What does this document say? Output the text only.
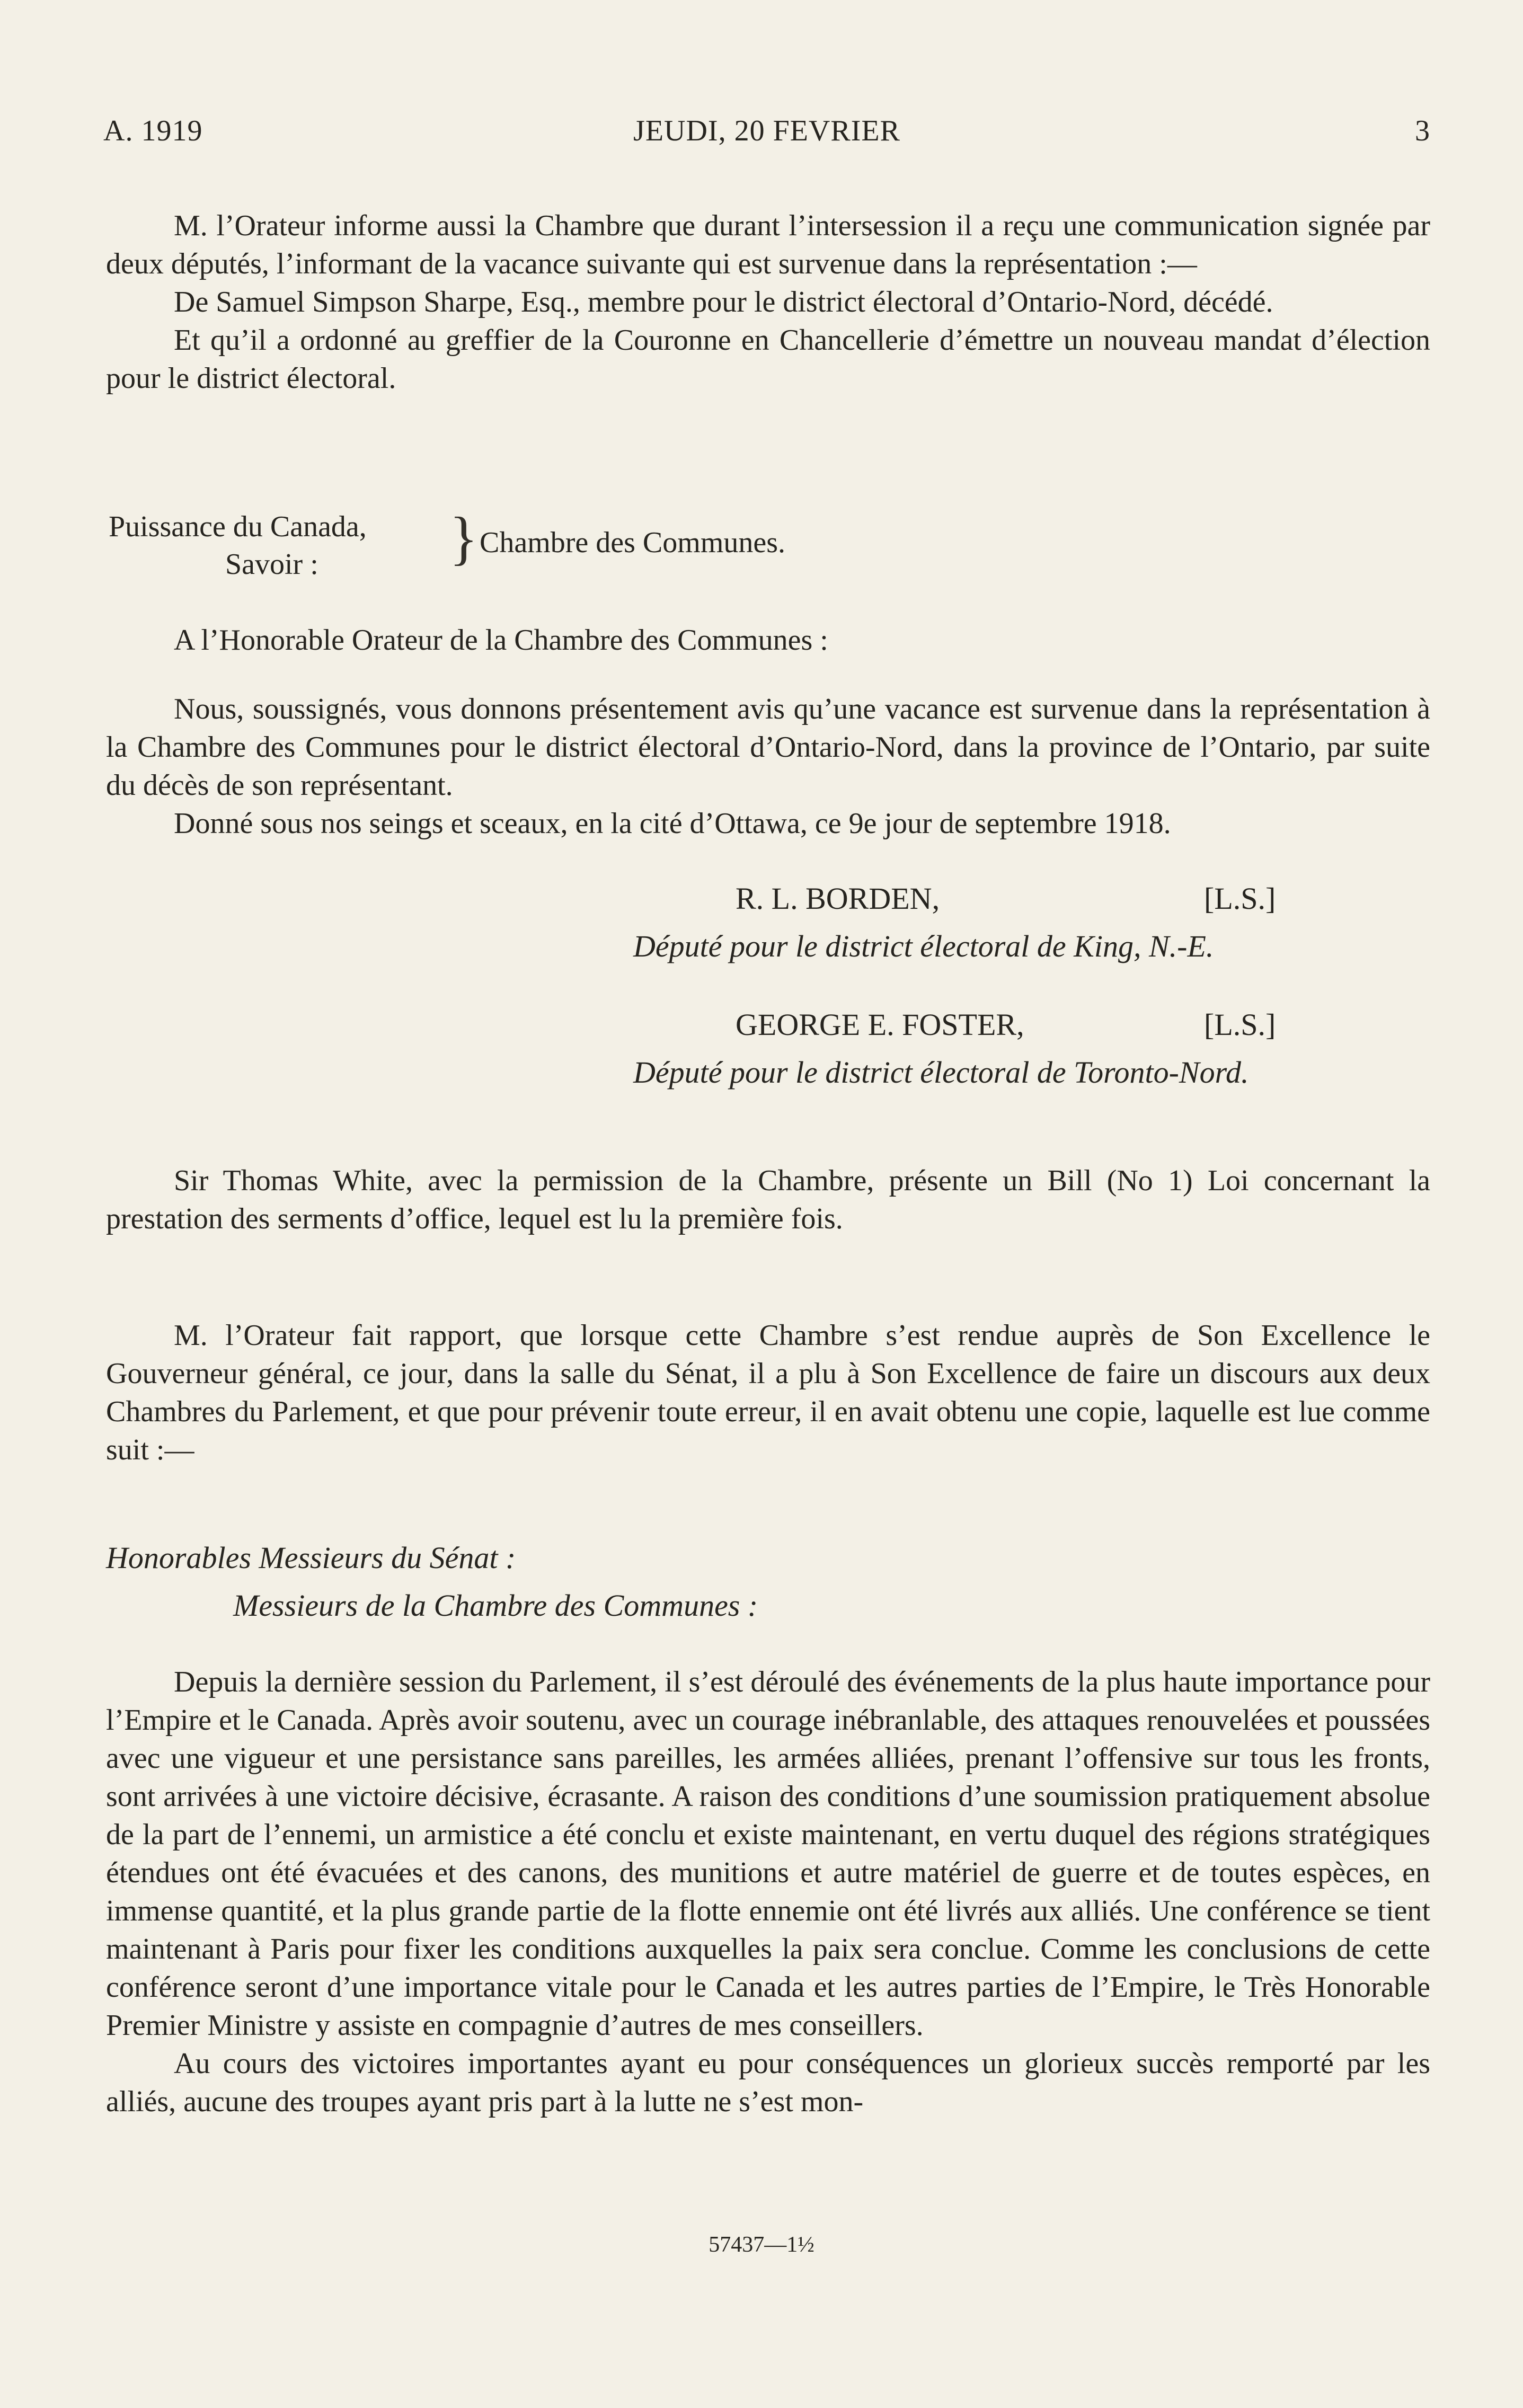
A. 1919	JEUDI, 20 FEVRIER	3

M. l’Orateur informe aussi la Chambre que durant l’intersession il a reçu une communication signée par deux députés, l’informant de la vacance suivante qui est survenue dans la représentation :—

De Samuel Simpson Sharpe, Esq., membre pour le district électoral d’Ontario-Nord, décédé.

Et qu’il a ordonné au greffier de la Couronne en Chancellerie d’émettre un nouveau mandat d’élection pour le district électoral.

Puissance du Canada,
Savoir : } Chambre des Communes.
A l’Honorable Orateur de la Chambre des Communes :

Nous, soussignés, vous donnons présentement avis qu’une vacance est survenue dans la représentation à la Chambre des Communes pour le district électoral d’Ontario-Nord, dans la province de l’Ontario, par suite du décès de son représentant.

Donné sous nos seings et sceaux, en la cité d’Ottawa, ce 9e jour de septembre 1918.

R. L. BORDEN,	[L.S.]
Député pour le district électoral de King, N.-E.
GEORGE E. FOSTER,	[L.S.]
Député pour le district électoral de Toronto-Nord.

Sir Thomas White, avec la permission de la Chambre, présente un Bill (No 1) Loi concernant la prestation des serments d’office, lequel est lu la première fois.

M. l’Orateur fait rapport, que lorsque cette Chambre s’est rendue auprès de Son Excellence le Gouverneur général, ce jour, dans la salle du Sénat, il a plu à Son Excellence de faire un discours aux deux Chambres du Parlement, et que pour prévenir toute erreur, il en avait obtenu une copie, laquelle est lue comme suit :—

Honorables Messieurs du Sénat :
Messieurs de la Chambre des Communes :

Depuis la dernière session du Parlement, il s’est déroulé des événements de la plus haute importance pour l’Empire et le Canada. Après avoir soutenu, avec un courage inébranlable, des attaques renouvelées et poussées avec une vigueur et une persistance sans pareilles, les armées alliées, prenant l’offensive sur tous les fronts, sont arrivées à une victoire décisive, écrasante. A raison des conditions d’une soumission pratiquement absolue de la part de l’ennemi, un armistice a été conclu et existe maintenant, en vertu duquel des régions stratégiques étendues ont été évacuées et des canons, des munitions et autre matériel de guerre et de toutes espèces, en immense quantité, et la plus grande partie de la flotte ennemie ont été livrés aux alliés. Une conférence se tient maintenant à Paris pour fixer les conditions auxquelles la paix sera conclue. Comme les conclusions de cette conférence seront d’une importance vitale pour le Canada et les autres parties de l’Empire, le Très Honorable Premier Ministre y assiste en compagnie d’autres de mes conseillers.

Au cours des victoires importantes ayant eu pour conséquences un glorieux succès remporté par les alliés, aucune des troupes ayant pris part à la lutte ne s’est mon-

57437—1½
